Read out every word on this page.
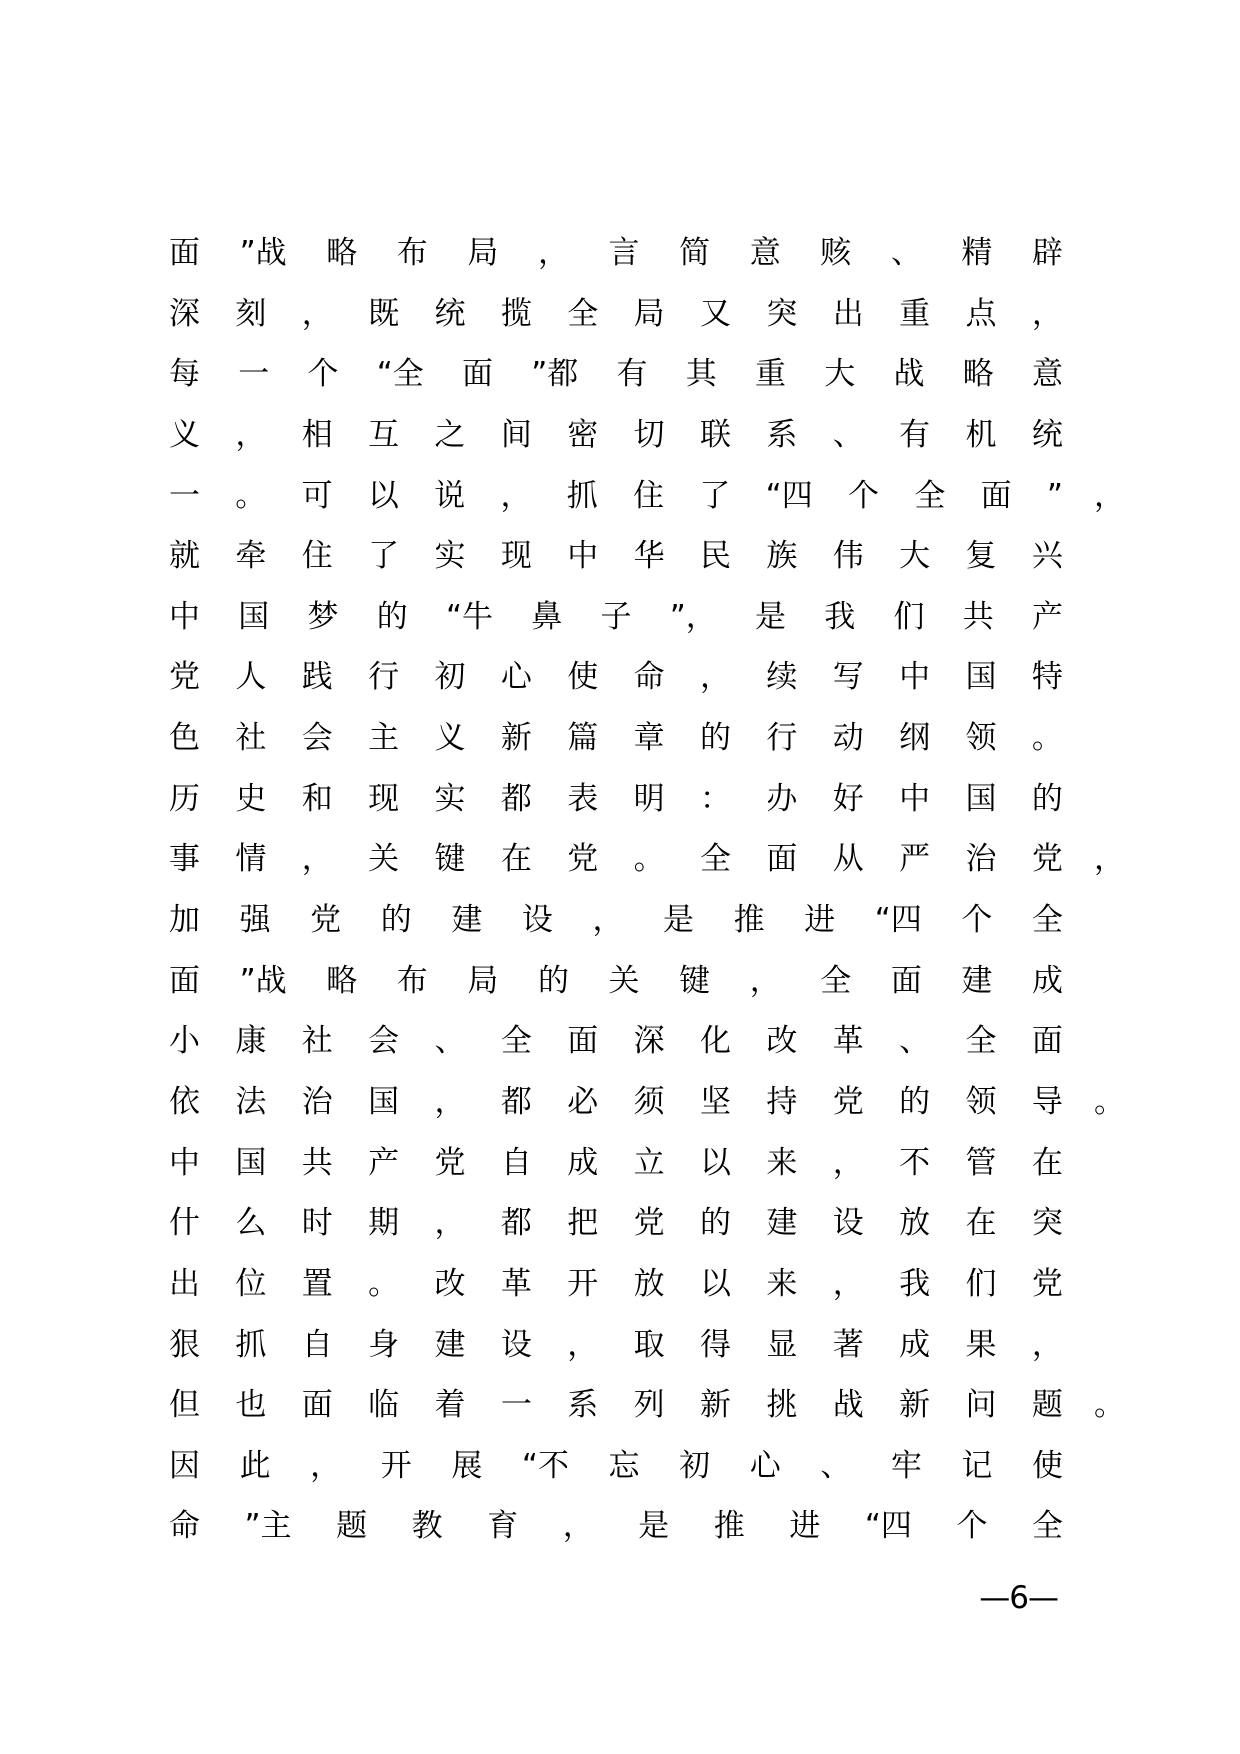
面 ”战 略 布 局 ， 言 简 意 赅 、 精 辟
深 刻 ， 既 统 揽 全 局 又 突 出 重 点 ，
每 一 个 “全 面 ”都 有 其 重 大 战 略 意
义 ， 相 互 之 间 密 切 联 系 、 有 机 统
一 。 可 以 说 ， 抓 住 了 “四 个 全 面 ” ，
就 牵 住 了 实 现 中 华 民 族 伟 大 复 兴
中 国 梦 的 “牛 鼻 子 ”， 是 我 们 共 产
党 人 践 行 初 心 使 命 ， 续 写 中 国 特
色 社 会 主 义 新 篇 章 的 行 动 纲 领 。
历 史 和 现 实 都 表 明 ： 办 好 中 国 的
事 情 ， 关 键 在 党 。 全 面 从 严 治 党 ，
加 强 党 的 建 设 ， 是 推 进 “四 个 全
面 ”战 略 布 局 的 关 键 ， 全 面 建 成
小 康 社 会 、 全 面 深 化 改 革 、 全 面
依 法 治 国 ， 都 必 须 坚 持 党 的 领 导 。
中 国 共 产 党 自 成 立 以 来 ， 不 管 在
什 么 时 期 ， 都 把 党 的 建 设 放 在 突
出 位 置 。 改 革 开 放 以 来 ， 我 们 党
狠 抓 自 身 建 设 ， 取 得 显 著 成 果 ，
但 也 面 临 着 一 系 列 新 挑 战 新 问 题 。
因 此 ， 开 展 “不 忘 初 心 、 牢 记 使
命 ”主 题 教 育 ， 是 推 进 “四 个 全
—6—
